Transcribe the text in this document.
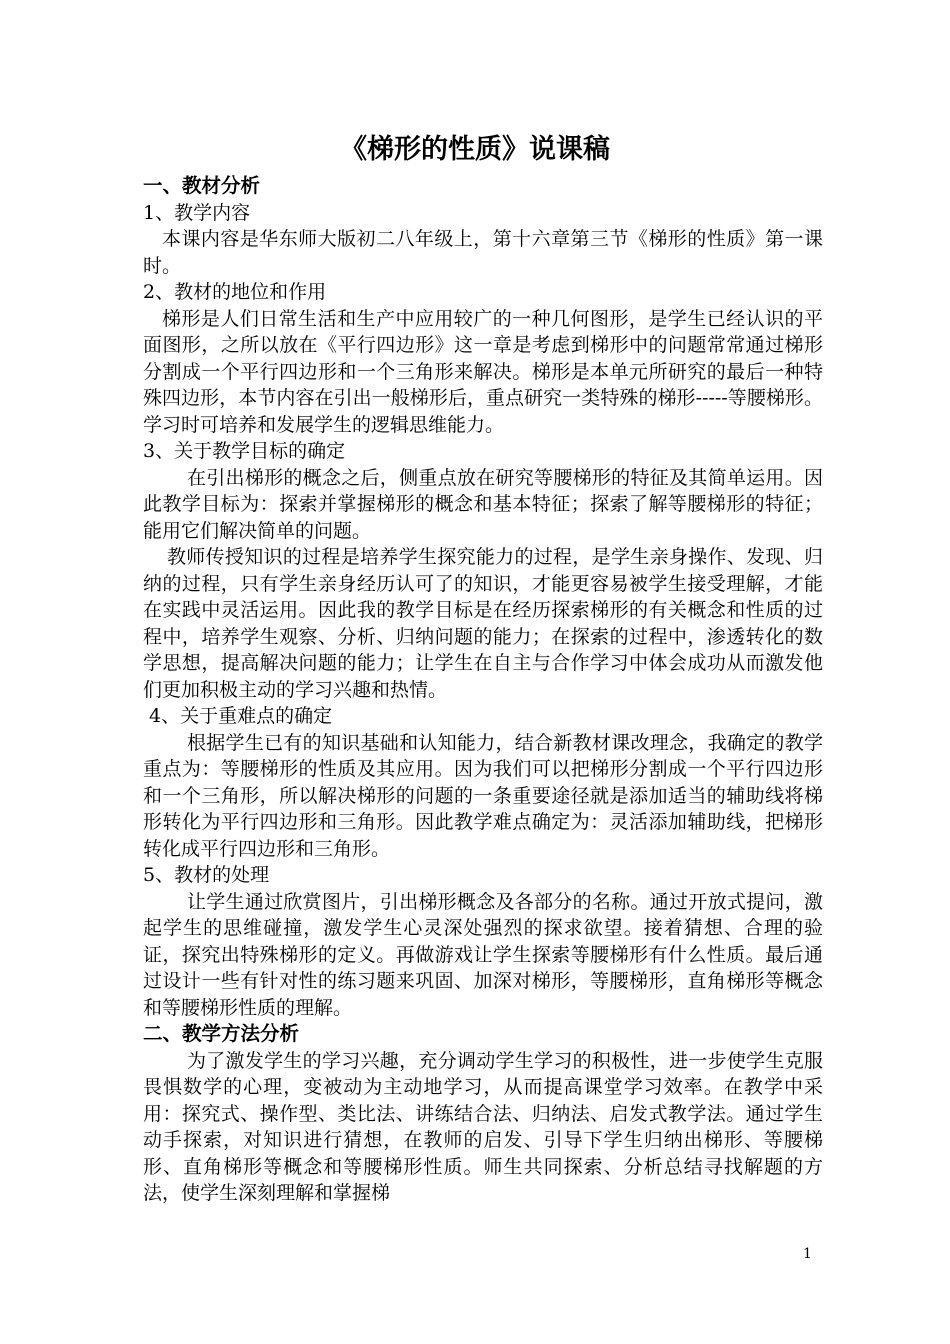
《梯形的性质》说课稿

一、教材分析

1、教学内容

本课内容是华东师大版初二八年级上，第十六章第三节《梯形的性质》第一课时。

2、教材的地位和作用

梯形是人们日常生活和生产中应用较广的一种几何图形，是学生已经认识的平面图形，之所以放在《平行四边形》这一章是考虑到梯形中的问题常常通过梯形分割成一个平行四边形和一个三角形来解决。梯形是本单元所研究的最后一种特殊四边形，本节内容在引出一般梯形后，重点研究一类特殊的梯形-----等腰梯形。学习时可培养和发展学生的逻辑思维能力。

3、关于教学目标的确定

在引出梯形的概念之后，侧重点放在研究等腰梯形的特征及其简单运用。因此教学目标为：探索并掌握梯形的概念和基本特征；探索了解等腰梯形的特征；能用它们解决简单的问题。

教师传授知识的过程是培养学生探究能力的过程，是学生亲身操作、发现、归纳的过程，只有学生亲身经历认可了的知识，才能更容易被学生接受理解，才能在实践中灵活运用。因此我的教学目标是在经历探索梯形的有关概念和性质的过程中，培养学生观察、分析、归纳问题的能力；在探索的过程中，渗透转化的数学思想，提高解决问题的能力；让学生在自主与合作学习中体会成功从而激发他们更加积极主动的学习兴趣和热情。

4、关于重难点的确定

根据学生已有的知识基础和认知能力，结合新教材课改理念，我确定的教学重点为：等腰梯形的性质及其应用。因为我们可以把梯形分割成一个平行四边形和一个三角形，所以解决梯形的问题的一条重要途径就是添加适当的辅助线将梯形转化为平行四边形和三角形。因此教学难点确定为：灵活添加辅助线，把梯形转化成平行四边形和三角形。

5、教材的处理

让学生通过欣赏图片，引出梯形概念及各部分的名称。通过开放式提问，激起学生的思维碰撞，激发学生心灵深处强烈的探求欲望。接着猜想、合理的验证，探究出特殊梯形的定义。再做游戏让学生探索等腰梯形有什么性质。最后通过设计一些有针对性的练习题来巩固、加深对梯形，等腰梯形，直角梯形等概念和等腰梯形性质的理解。

二、教学方法分析

为了激发学生的学习兴趣，充分调动学生学习的积极性，进一步使学生克服畏惧数学的心理，变被动为主动地学习，从而提高课堂学习效率。在教学中采用：探究式、操作型、类比法、讲练结合法、归纳法、启发式教学法。通过学生动手探索，对知识进行猜想，在教师的启发、引导下学生归纳出梯形、等腰梯形、直角梯形等概念和等腰梯形性质。师生共同探索、分析总结寻找解题的方法，使学生深刻理解和掌握梯

1
